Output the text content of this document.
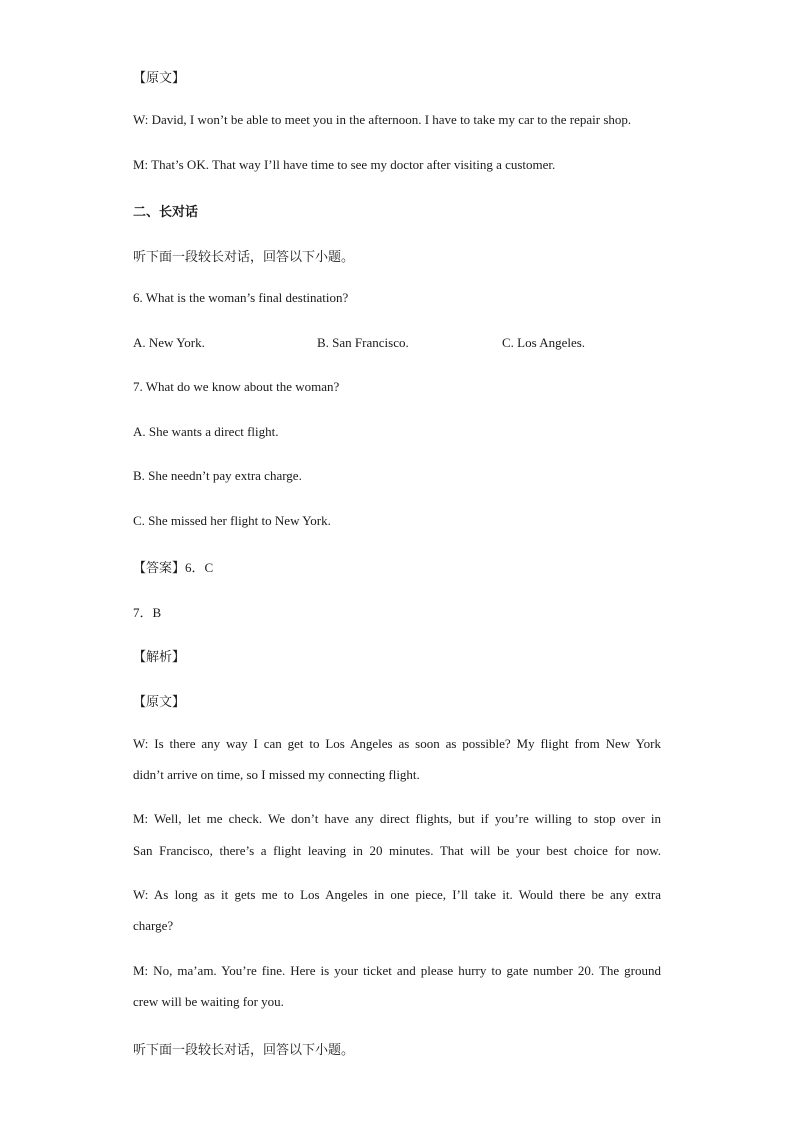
【原文】
W: David, I won’t be able to meet you in the afternoon. I have to take my car to the repair shop.
M: That’s OK. That way I’ll have time to see my doctor after visiting a customer.
二、长对话
听下面一段较长对话，回答以下小题。
6. What is the woman’s final destination?
A. New York.	B. San Francisco.	C. Los Angeles.
7. What do we know about the woman?
A. She wants a direct flight.
B. She needn’t pay extra charge.
C. She missed her flight to New York.
【答案】6．C
7．B
【解析】
【原文】
W: Is there any way I can get to Los Angeles as soon as possible? My flight from New York
didn’t arrive on time, so I missed my connecting flight.
M: Well, let me check. We don’t have any direct flights, but if you’re willing to stop over in
San Francisco, there’s a flight leaving in 20 minutes. That will be your best choice for now.
W: As long as it gets me to Los Angeles in one piece, I’ll take it. Would there be any extra
charge?
M: No, ma’am. You’re fine. Here is your ticket and please hurry to gate number 20. The ground
crew will be waiting for you.
听下面一段较长对话，回答以下小题。
